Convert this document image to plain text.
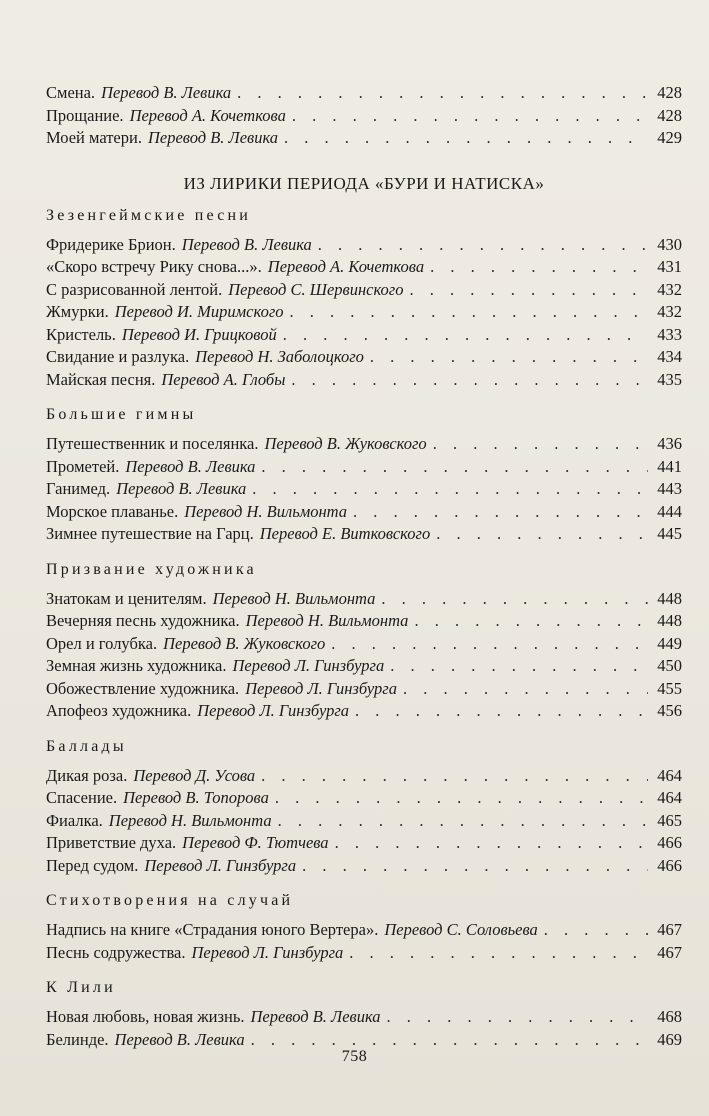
Смена. Перевод В. Левика . . .	428
Прощание. Перевод А. Кочеткова . . .	428
Моей матери. Перевод В. Левика . . .	429
ИЗ ЛИРИКИ ПЕРИОДА «БУРИ И НАТИСКА»
Зезенгеймские песни
Фридерике Брион. Перевод В. Левика . . .	430
«Скоро встречу Рику снова...». Перевод А. Кочеткова . . .	431
С разрисованной лентой. Перевод С. Шервинского . . .	432
Жмурки. Перевод И. Миримского . . .	432
Кристель. Перевод И. Грицковой . . .	433
Свидание и разлука. Перевод Н. Заболоцкого . . .	434
Майская песня. Перевод А. Глобы . . .	435
Большие гимны
Путешественник и поселянка. Перевод В. Жуковского . . .	436
Прометей. Перевод В. Левика . . .	441
Ганимед. Перевод В. Левика . . .	443
Морское плаванье. Перевод Н. Вильмонта . . .	444
Зимнее путешествие на Гарц. Перевод Е. Витковского . . .	445
Призвание художника
Знатокам и ценителям. Перевод Н. Вильмонта . . .	448
Вечерняя песнь художника. Перевод Н. Вильмонта . . .	448
Орел и голубка. Перевод В. Жуковского . . .	449
Земная жизнь художника. Перевод Л. Гинзбурга . . .	450
Обожествление художника. Перевод Л. Гинзбурга . . .	455
Апофеоз художника. Перевод Л. Гинзбурга . . .	456
Баллады
Дикая роза. Перевод Д. Усова . . .	464
Спасение. Перевод В. Топорова . . .	464
Фиалка. Перевод Н. Вильмонта . . .	465
Приветствие духа. Перевод Ф. Тютчева . . .	466
Перед судом. Перевод Л. Гинзбурга . . .	466
Стихотворения на случай
Надпись на книге «Страдания юного Вертера». Перевод С. Соловьева . . .	467
Песнь содружества. Перевод Л. Гинзбурга . . .	467
К Лили
Новая любовь, новая жизнь. Перевод В. Левика . . .	468
Белинде. Перевод В. Левика . . .	469
758
